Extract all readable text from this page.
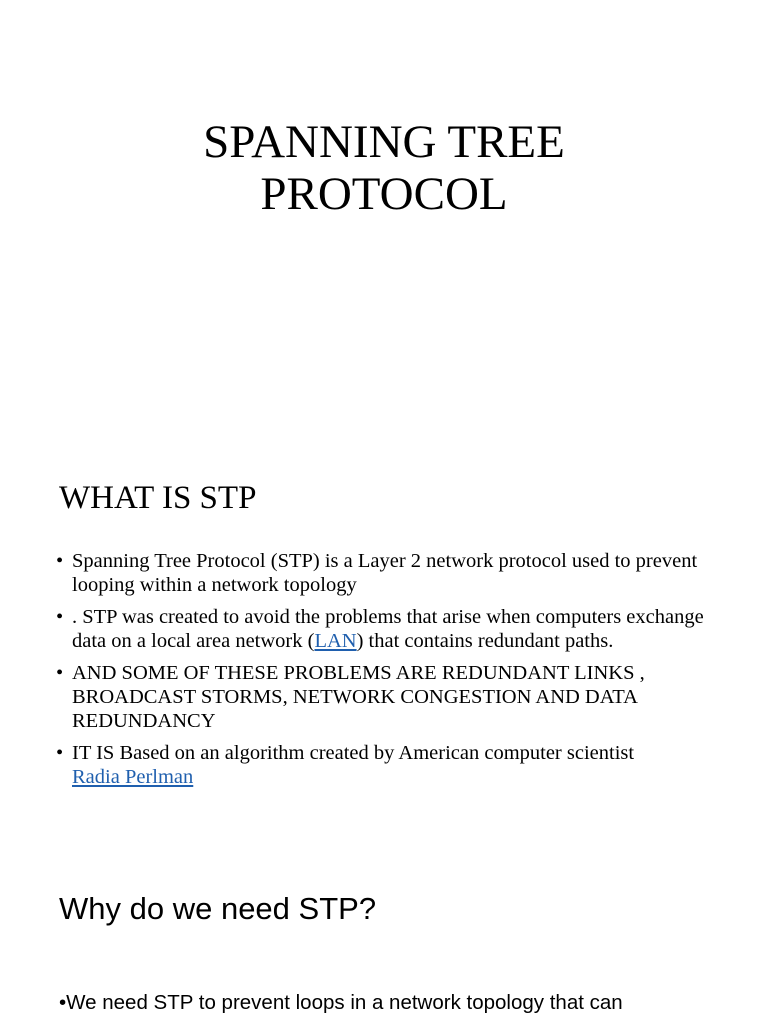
SPANNING TREE
PROTOCOL
WHAT IS STP
• Spanning Tree Protocol (STP) is a Layer 2 network protocol used to prevent looping within a network topology
• . STP was created to avoid the problems that arise when computers exchange data on a local area network (LAN) that contains redundant paths.
• AND SOME OF THESE PROBLEMS ARE REDUNDANT LINKS , BROADCAST STORMS, NETWORK CONGESTION AND DATA REDUNDANCY
• IT IS Based on an algorithm created by American computer scientist
Radia Perlman
Why do we need STP?
•We need STP to prevent loops in a network topology that can
